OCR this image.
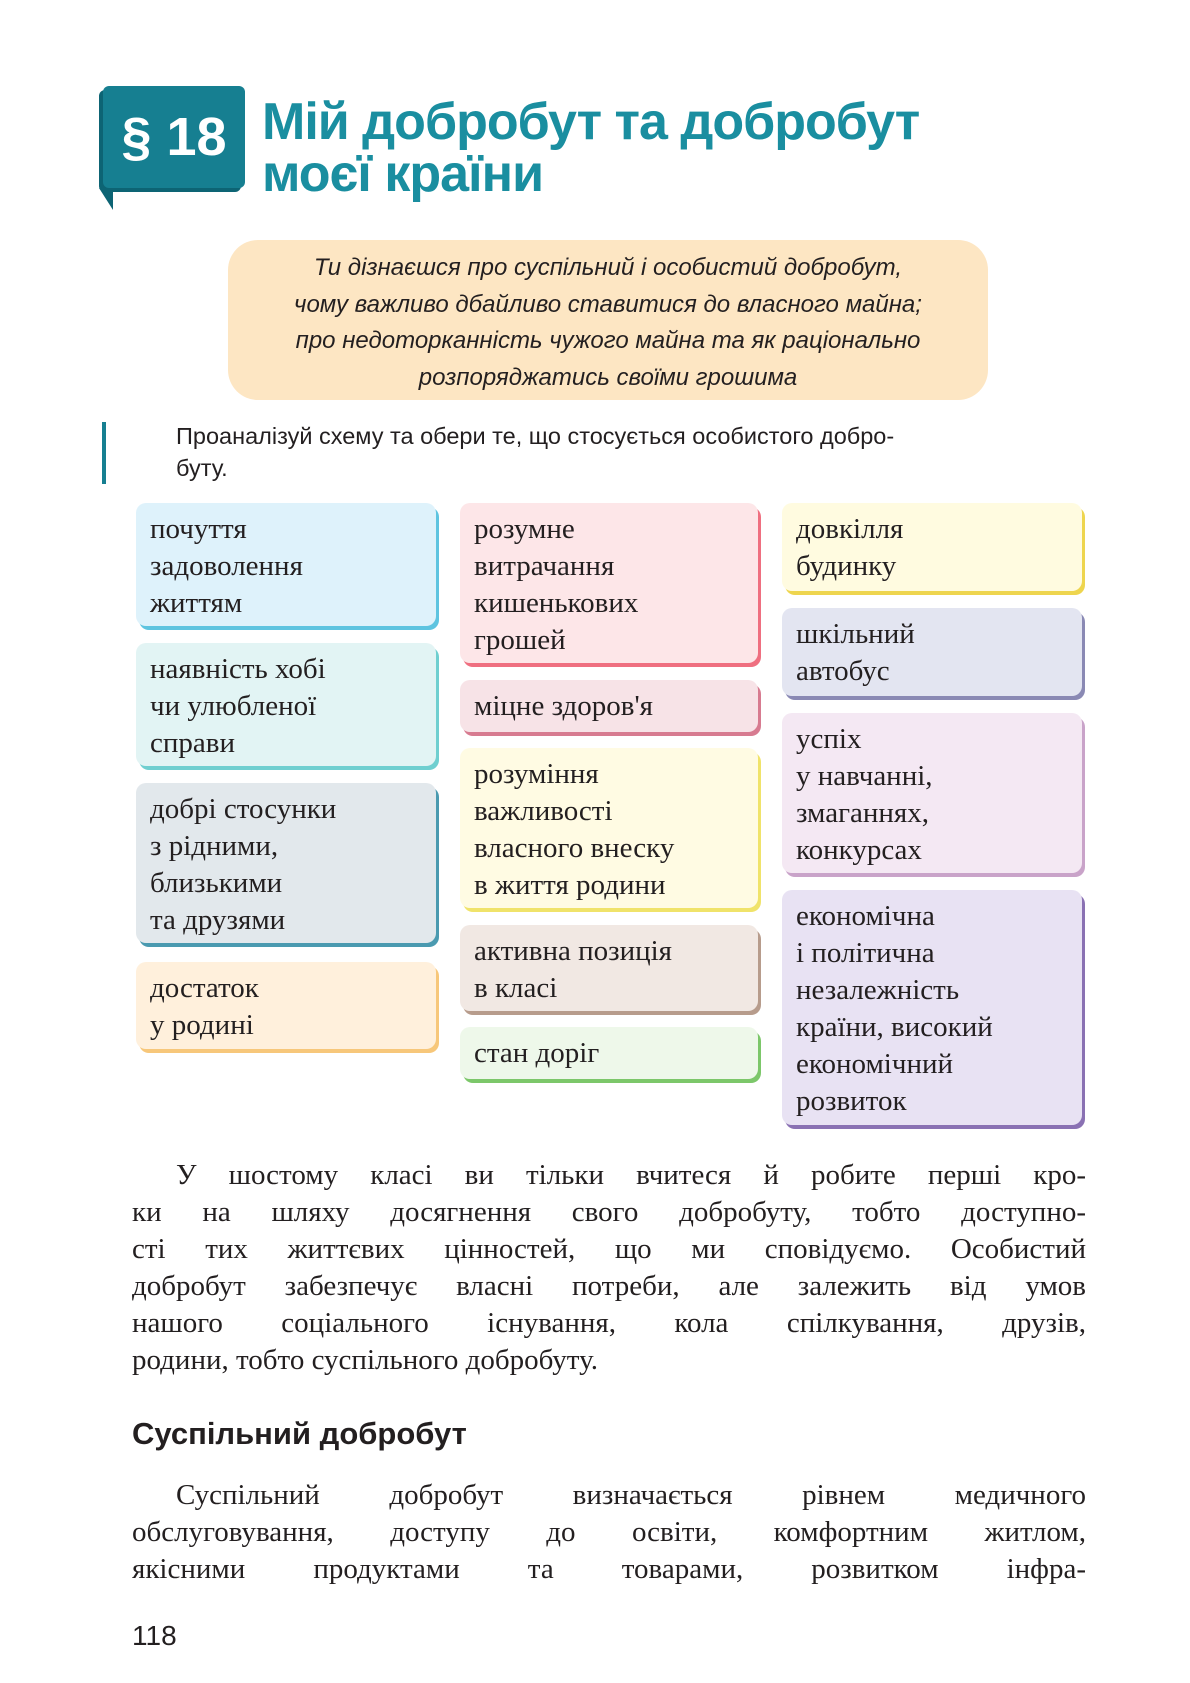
§ 18 Мій добробут та добробут
моєї країни
Ти дізнаєшся про суспільний і особистий добробут,
чому важливо дбайливо ставитися до власного майна;
про недоторканність чужого майна та як раціонально
розпоряджатись своїми грошима
Проаналізуй схему та обери те, що стосується особистого добро-
буту.
почуття
задоволення
життям
наявність хобі
чи улюбленої
справи
добрі стосунки
з рідними,
близькими
та друзями
достаток
у родині
розумне
витрачання
кишенькових
грошей
міцне здоров'я
розуміння
важливості
власного внеску
в життя родини
активна позиція
в класі
стан доріг
довкілля
будинку
шкільний
автобус
успіх
у навчанні,
змаганнях,
конкурсах
економічна
і політична
незалежність
країни, високий
економічний
розвиток
У шостому класі ви тільки вчитеся й робите перші кро-
ки на шляху досягнення свого добробуту, тобто доступно-
сті тих життєвих цінностей, що ми сповідуємо. Особистий
добробут забезпечує власні потреби, але залежить від умов
нашого соціального існування, кола спілкування, друзів,
родини, тобто суспільного добробуту.
Суспільний добробут
Суспільний добробут визначається рівнем медичного
обслуговування, доступу до освіти, комфортним житлом,
якісними продуктами та товарами, розвитком інфра-
118
